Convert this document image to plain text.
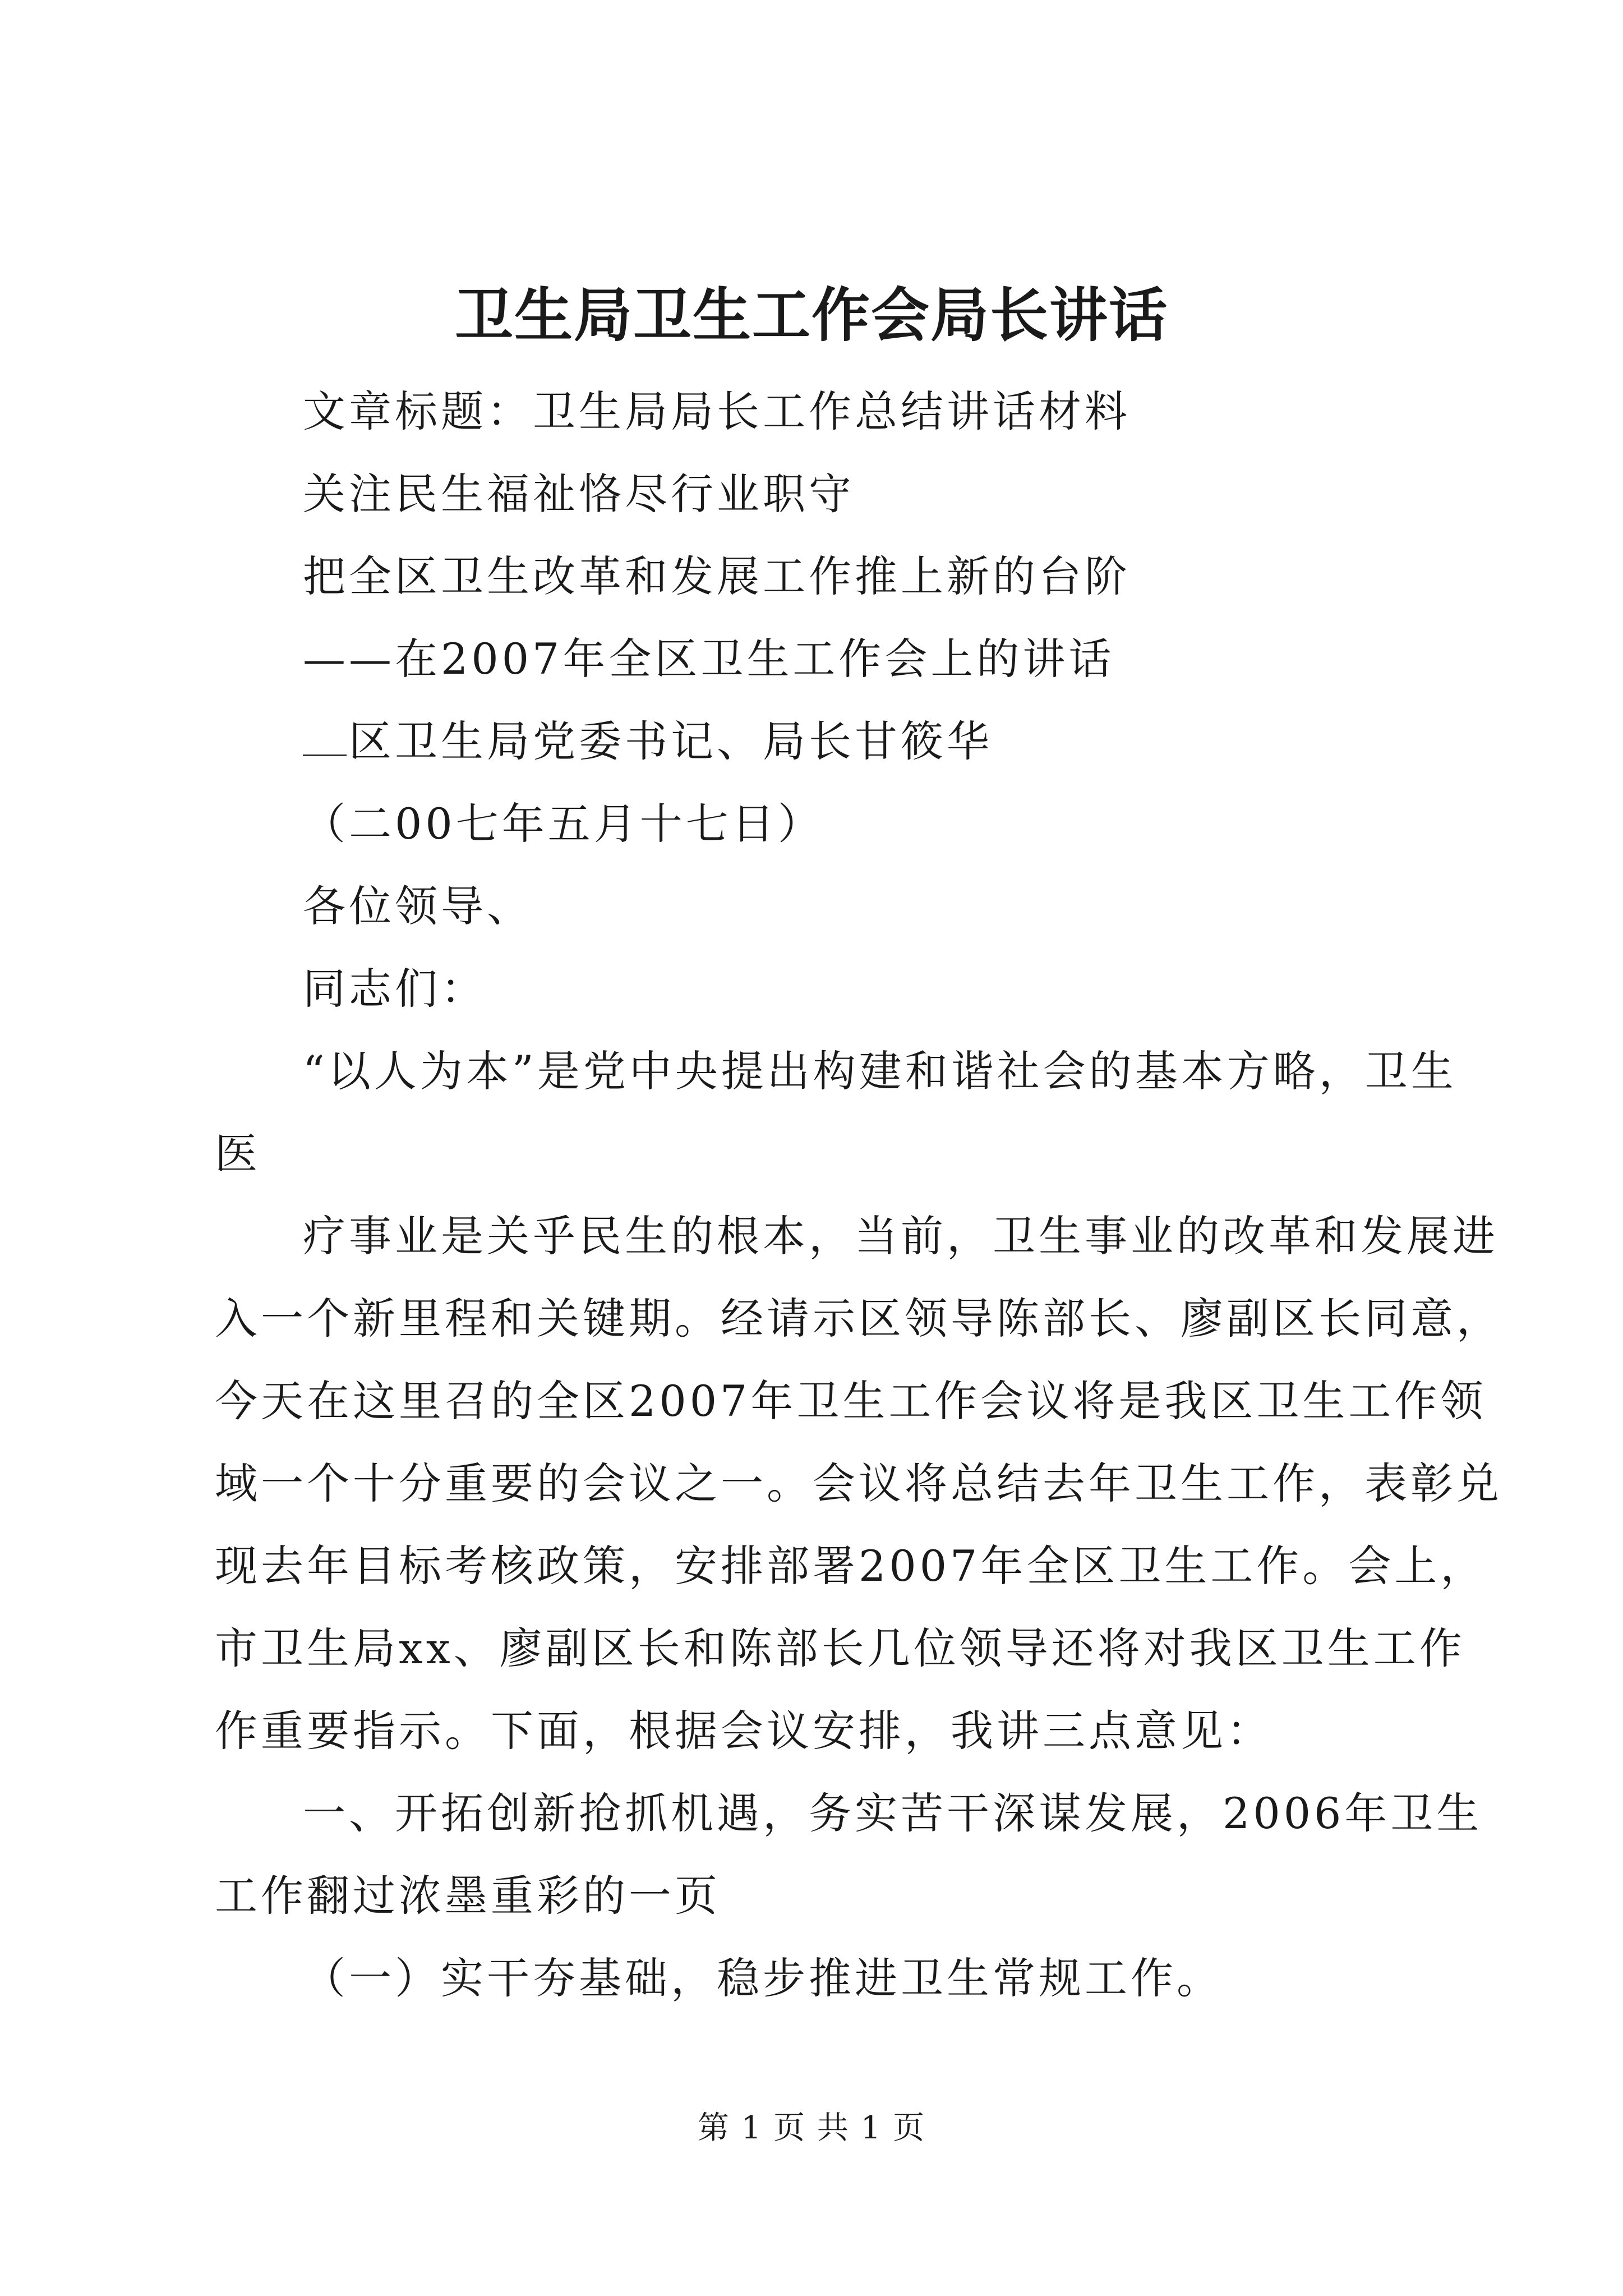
卫生局卫生工作会局长讲话
文章标题：卫生局局长工作总结讲话材料
关注民生福祉恪尽行业职守
把全区卫生改革和发展工作推上新的台阶
——在2007年全区卫生工作会上的讲话
区卫生局党委书记、局长甘筱华
（二00七年五月十七日）
各位领导、
同志们：
“以人为本”是党中央提出构建和谐社会的基本方略，卫生
医
疗事业是关乎民生的根本，当前，卫生事业的改革和发展进
入一个新里程和关键期。经请示区领导陈部长、廖副区长同意，
今天在这里召的全区2007年卫生工作会议将是我区卫生工作领
域一个十分重要的会议之一。会议将总结去年卫生工作，表彰兑
现去年目标考核政策，安排部署2007年全区卫生工作。会上，
市卫生局xx、廖副区长和陈部长几位领导还将对我区卫生工作
作重要指示。下面，根据会议安排，我讲三点意见：
一、开拓创新抢抓机遇，务实苦干深谋发展，2006年卫生
工作翻过浓墨重彩的一页
（一）实干夯基础，稳步推进卫生常规工作。
第 1 页 共 1 页
